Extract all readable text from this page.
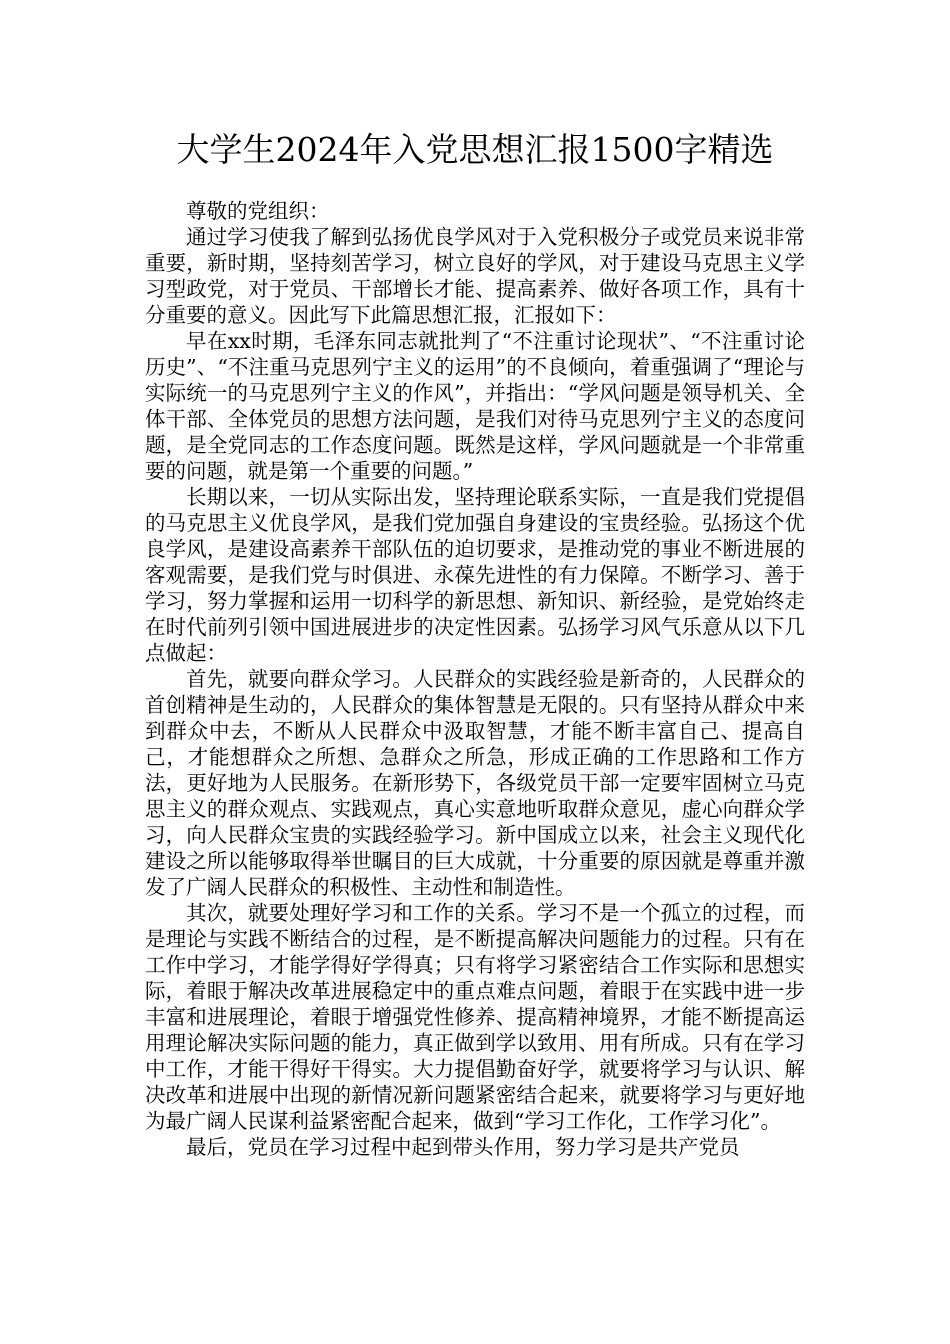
大学生2024年入党思想汇报1500字精选

尊敬的党组织：

通过学习使我了解到弘扬优良学风对于入党积极分子或党员来说非常重要，新时期，坚持刻苦学习，树立良好的学风，对于建设马克思主义学习型政党，对于党员、干部增长才能、提高素养、做好各项工作，具有十分重要的意义。因此写下此篇思想汇报，汇报如下：

早在xx时期，毛泽东同志就批判了“不注重讨论现状”、“不注重讨论历史”、“不注重马克思列宁主义的运用”的不良倾向，着重强调了“理论与实际统一的马克思列宁主义的作风”，并指出：“学风问题是领导机关、全体干部、全体党员的思想方法问题，是我们对待马克思列宁主义的态度问题，是全党同志的工作态度问题。既然是这样，学风问题就是一个非常重要的问题，就是第一个重要的问题。”

长期以来，一切从实际出发，坚持理论联系实际，一直是我们党提倡的马克思主义优良学风，是我们党加强自身建设的宝贵经验。弘扬这个优良学风，是建设高素养干部队伍的迫切要求，是推动党的事业不断进展的客观需要，是我们党与时俱进、永葆先进性的有力保障。不断学习、善于学习，努力掌握和运用一切科学的新思想、新知识、新经验，是党始终走在时代前列引领中国进展进步的决定性因素。弘扬学习风气乐意从以下几点做起：

首先，就要向群众学习。人民群众的实践经验是新奇的，人民群众的首创精神是生动的，人民群众的集体智慧是无限的。只有坚持从群众中来到群众中去，不断从人民群众中汲取智慧，才能不断丰富自己、提高自己，才能想群众之所想、急群众之所急，形成正确的工作思路和工作方法，更好地为人民服务。在新形势下，各级党员干部一定要牢固树立马克思主义的群众观点、实践观点，真心实意地听取群众意见，虚心向群众学习，向人民群众宝贵的实践经验学习。新中国成立以来，社会主义现代化建设之所以能够取得举世瞩目的巨大成就，十分重要的原因就是尊重并激发了广阔人民群众的积极性、主动性和制造性。

其次，就要处理好学习和工作的关系。学习不是一个孤立的过程，而是理论与实践不断结合的过程，是不断提高解决问题能力的过程。只有在工作中学习，才能学得好学得真；只有将学习紧密结合工作实际和思想实际，着眼于解决改革进展稳定中的重点难点问题，着眼于在实践中进一步丰富和进展理论，着眼于增强党性修养、提高精神境界，才能不断提高运用理论解决实际问题的能力，真正做到学以致用、用有所成。只有在学习中工作，才能干得好干得实。大力提倡勤奋好学，就要将学习与认识、解决改革和进展中出现的新情况新问题紧密结合起来，就要将学习与更好地为最广阔人民谋利益紧密配合起来，做到“学习工作化，工作学习化”。

最后，党员在学习过程中起到带头作用，努力学习是共产党员
